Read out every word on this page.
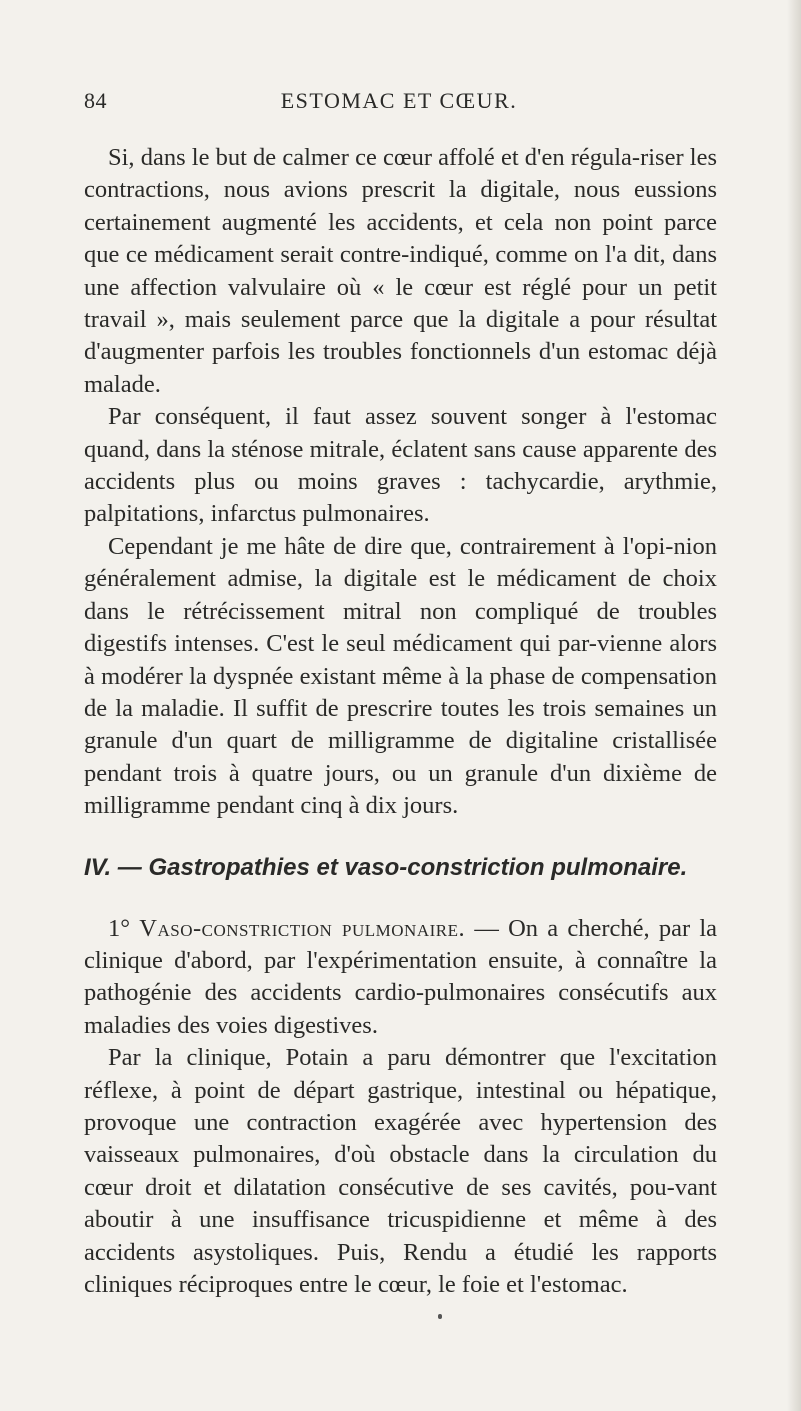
84	ESTOMAC ET CŒUR.

Si, dans le but de calmer ce cœur affolé et d'en régula-riser les contractions, nous avions prescrit la digitale, nous eussions certainement augmenté les accidents, et cela non point parce que ce médicament serait contre-indiqué, comme on l'a dit, dans une affection valvulaire où « le cœur est réglé pour un petit travail », mais seulement parce que la digitale a pour résultat d'augmenter parfois les troubles fonctionnels d'un estomac déjà malade.

Par conséquent, il faut assez souvent songer à l'estomac quand, dans la sténose mitrale, éclatent sans cause apparente des accidents plus ou moins graves : tachycardie, arythmie, palpitations, infarctus pulmonaires.

Cependant je me hâte de dire que, contrairement à l'opi-nion généralement admise, la digitale est le médicament de choix dans le rétrécissement mitral non compliqué de troubles digestifs intenses. C'est le seul médicament qui par-vienne alors à modérer la dyspnée existant même à la phase de compensation de la maladie. Il suffit de prescrire toutes les trois semaines un granule d'un quart de milligramme de digitaline cristallisée pendant trois à quatre jours, ou un granule d'un dixième de milligramme pendant cinq à dix jours.

IV. — Gastropathies et vaso-constriction pulmonaire.

1° Vaso-constriction pulmonaire. — On a cherché, par la clinique d'abord, par l'expérimentation ensuite, à connaître la pathogénie des accidents cardio-pulmonaires consécutifs aux maladies des voies digestives.

Par la clinique, Potain a paru démontrer que l'excitation réflexe, à point de départ gastrique, intestinal ou hépatique, provoque une contraction exagérée avec hypertension des vaisseaux pulmonaires, d'où obstacle dans la circulation du cœur droit et dilatation consécutive de ses cavités, pou-vant aboutir à une insuffisance tricuspidienne et même à des accidents asystoliques. Puis, Rendu a étudié les rapports cliniques réciproques entre le cœur, le foie et l'estomac.
